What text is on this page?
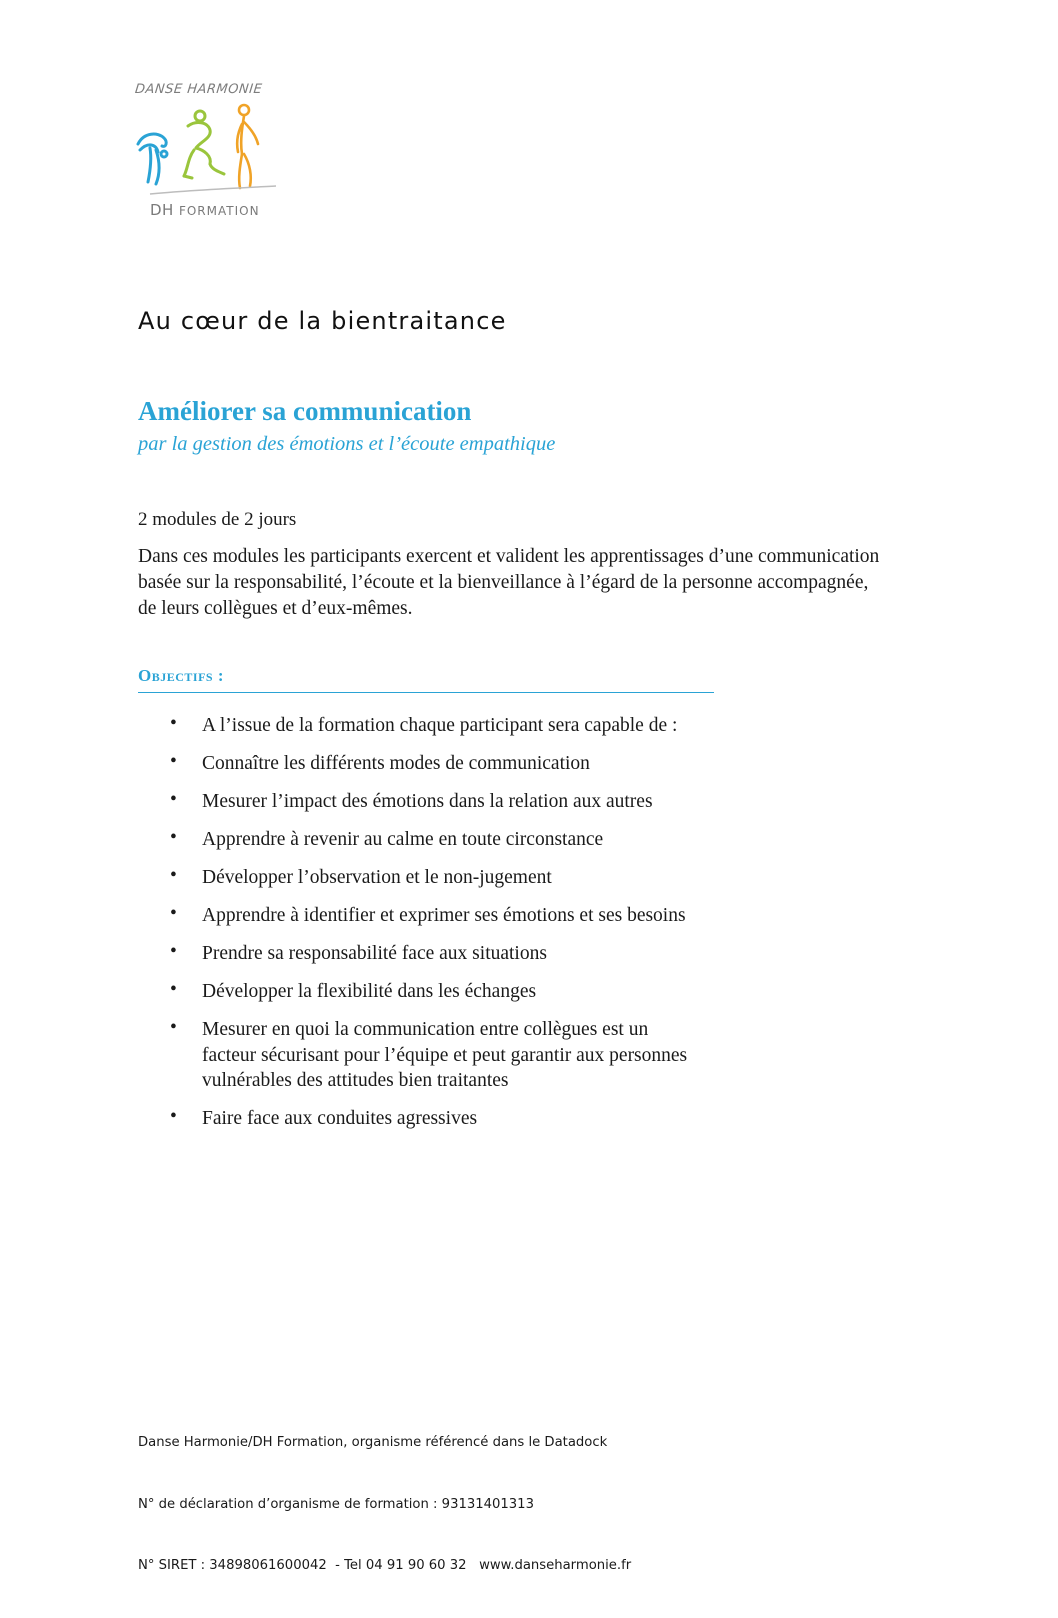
DANSE HARMONIE
DH FORMATION
Au cœur de la bientraitance
Améliorer sa communication
par la gestion des émotions et l’écoute empathique
2 modules de 2 jours
Dans ces modules les participants exercent et valident les apprentissages d’une communication
basée sur la responsabilité, l’écoute et la bienveillance à l’égard de la personne accompagnée,
de leurs collègues et d’eux-mêmes.
Objectifs :
•	A l’issue de la formation chaque participant sera capable de :
•	Connaître les différents modes de communication
•	Mesurer l’impact des émotions dans la relation aux autres
•	Apprendre à revenir au calme en toute circonstance
•	Développer l’observation et le non-jugement
•	Apprendre à identifier et exprimer ses émotions et ses besoins
•	Prendre sa responsabilité face aux situations
•	Développer la flexibilité dans les échanges
•	Mesurer en quoi la communication entre collègues est un
facteur sécurisant pour l’équipe et peut garantir aux personnes
vulnérables des attitudes bien traitantes
•	Faire face aux conduites agressives

Danse Harmonie/DH Formation, organisme référencé dans le Datadock

N° de déclaration d’organisme de formation : 93131401313

N° SIRET : 34898061600042  - Tel 04 91 90 60 32   www.danseharmonie.fr
